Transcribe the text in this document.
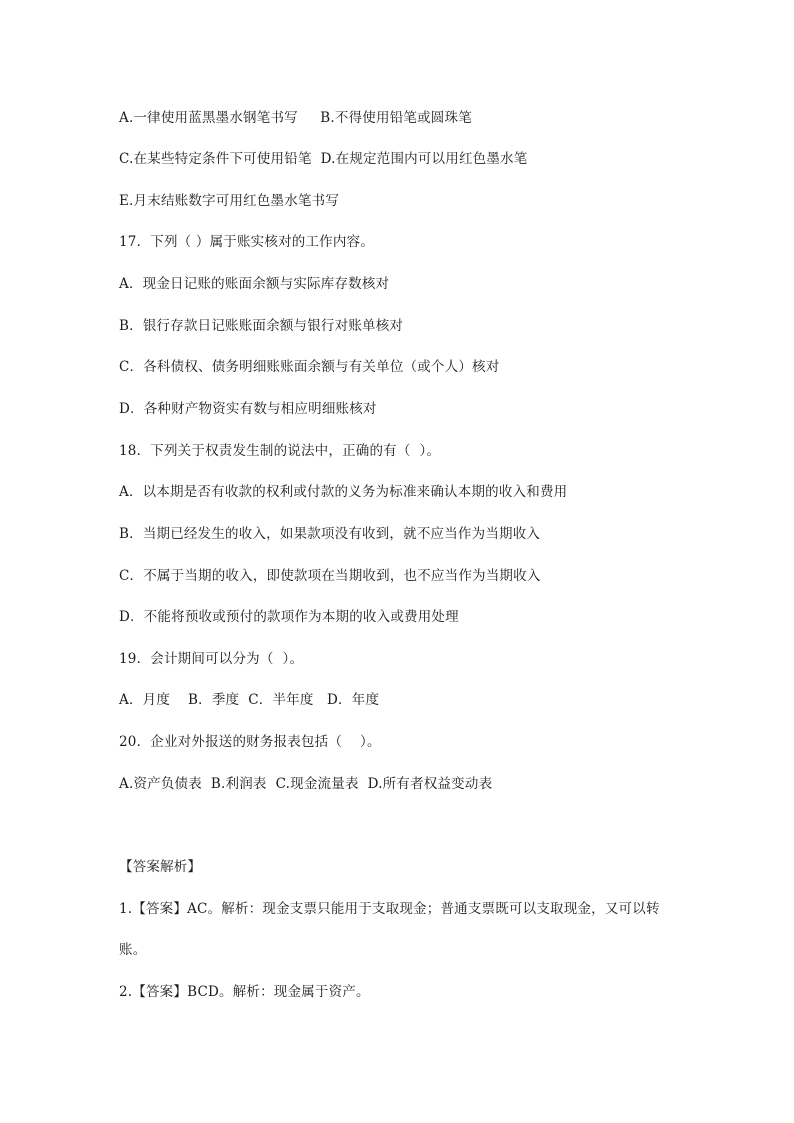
A.一律使用蓝黑墨水钢笔书写     B.不得使用铅笔或圆珠笔
C.在某些特定条件下可使用铅笔  D.在规定范围内可以用红色墨水笔
E.月末结账数字可用红色墨水笔书写
17．下列（ ）属于账实核对的工作内容。
A．现金日记账的账面余额与实际库存数核对
B．银行存款日记账账面余额与银行对账单核对
C．各科债权、债务明细账账面余额与有关单位（或个人）核对
D．各种财产物资实有数与相应明细账核对
18．下列关于权责发生制的说法中，正确的有（  ）。
A．以本期是否有收款的权利或付款的义务为标准来确认本期的收入和费用
B．当期已经发生的收入，如果款项没有收到，就不应当作为当期收入
C．不属于当期的收入，即使款项在当期收到，也不应当作为当期收入
D．不能将预收或预付的款项作为本期的收入或费用处理
19．会计期间可以分为（  ）。
A．月度    B．季度  C．半年度   D．年度
20．企业对外报送的财务报表包括（    ）。
A.资产负债表  B.利润表  C.现金流量表  D.所有者权益变动表
【答案解析】
1.【答案】AC。解析：现金支票只能用于支取现金；普通支票既可以支取现金，又可以转
账。
2.【答案】BCD。解析：现金属于资产。
